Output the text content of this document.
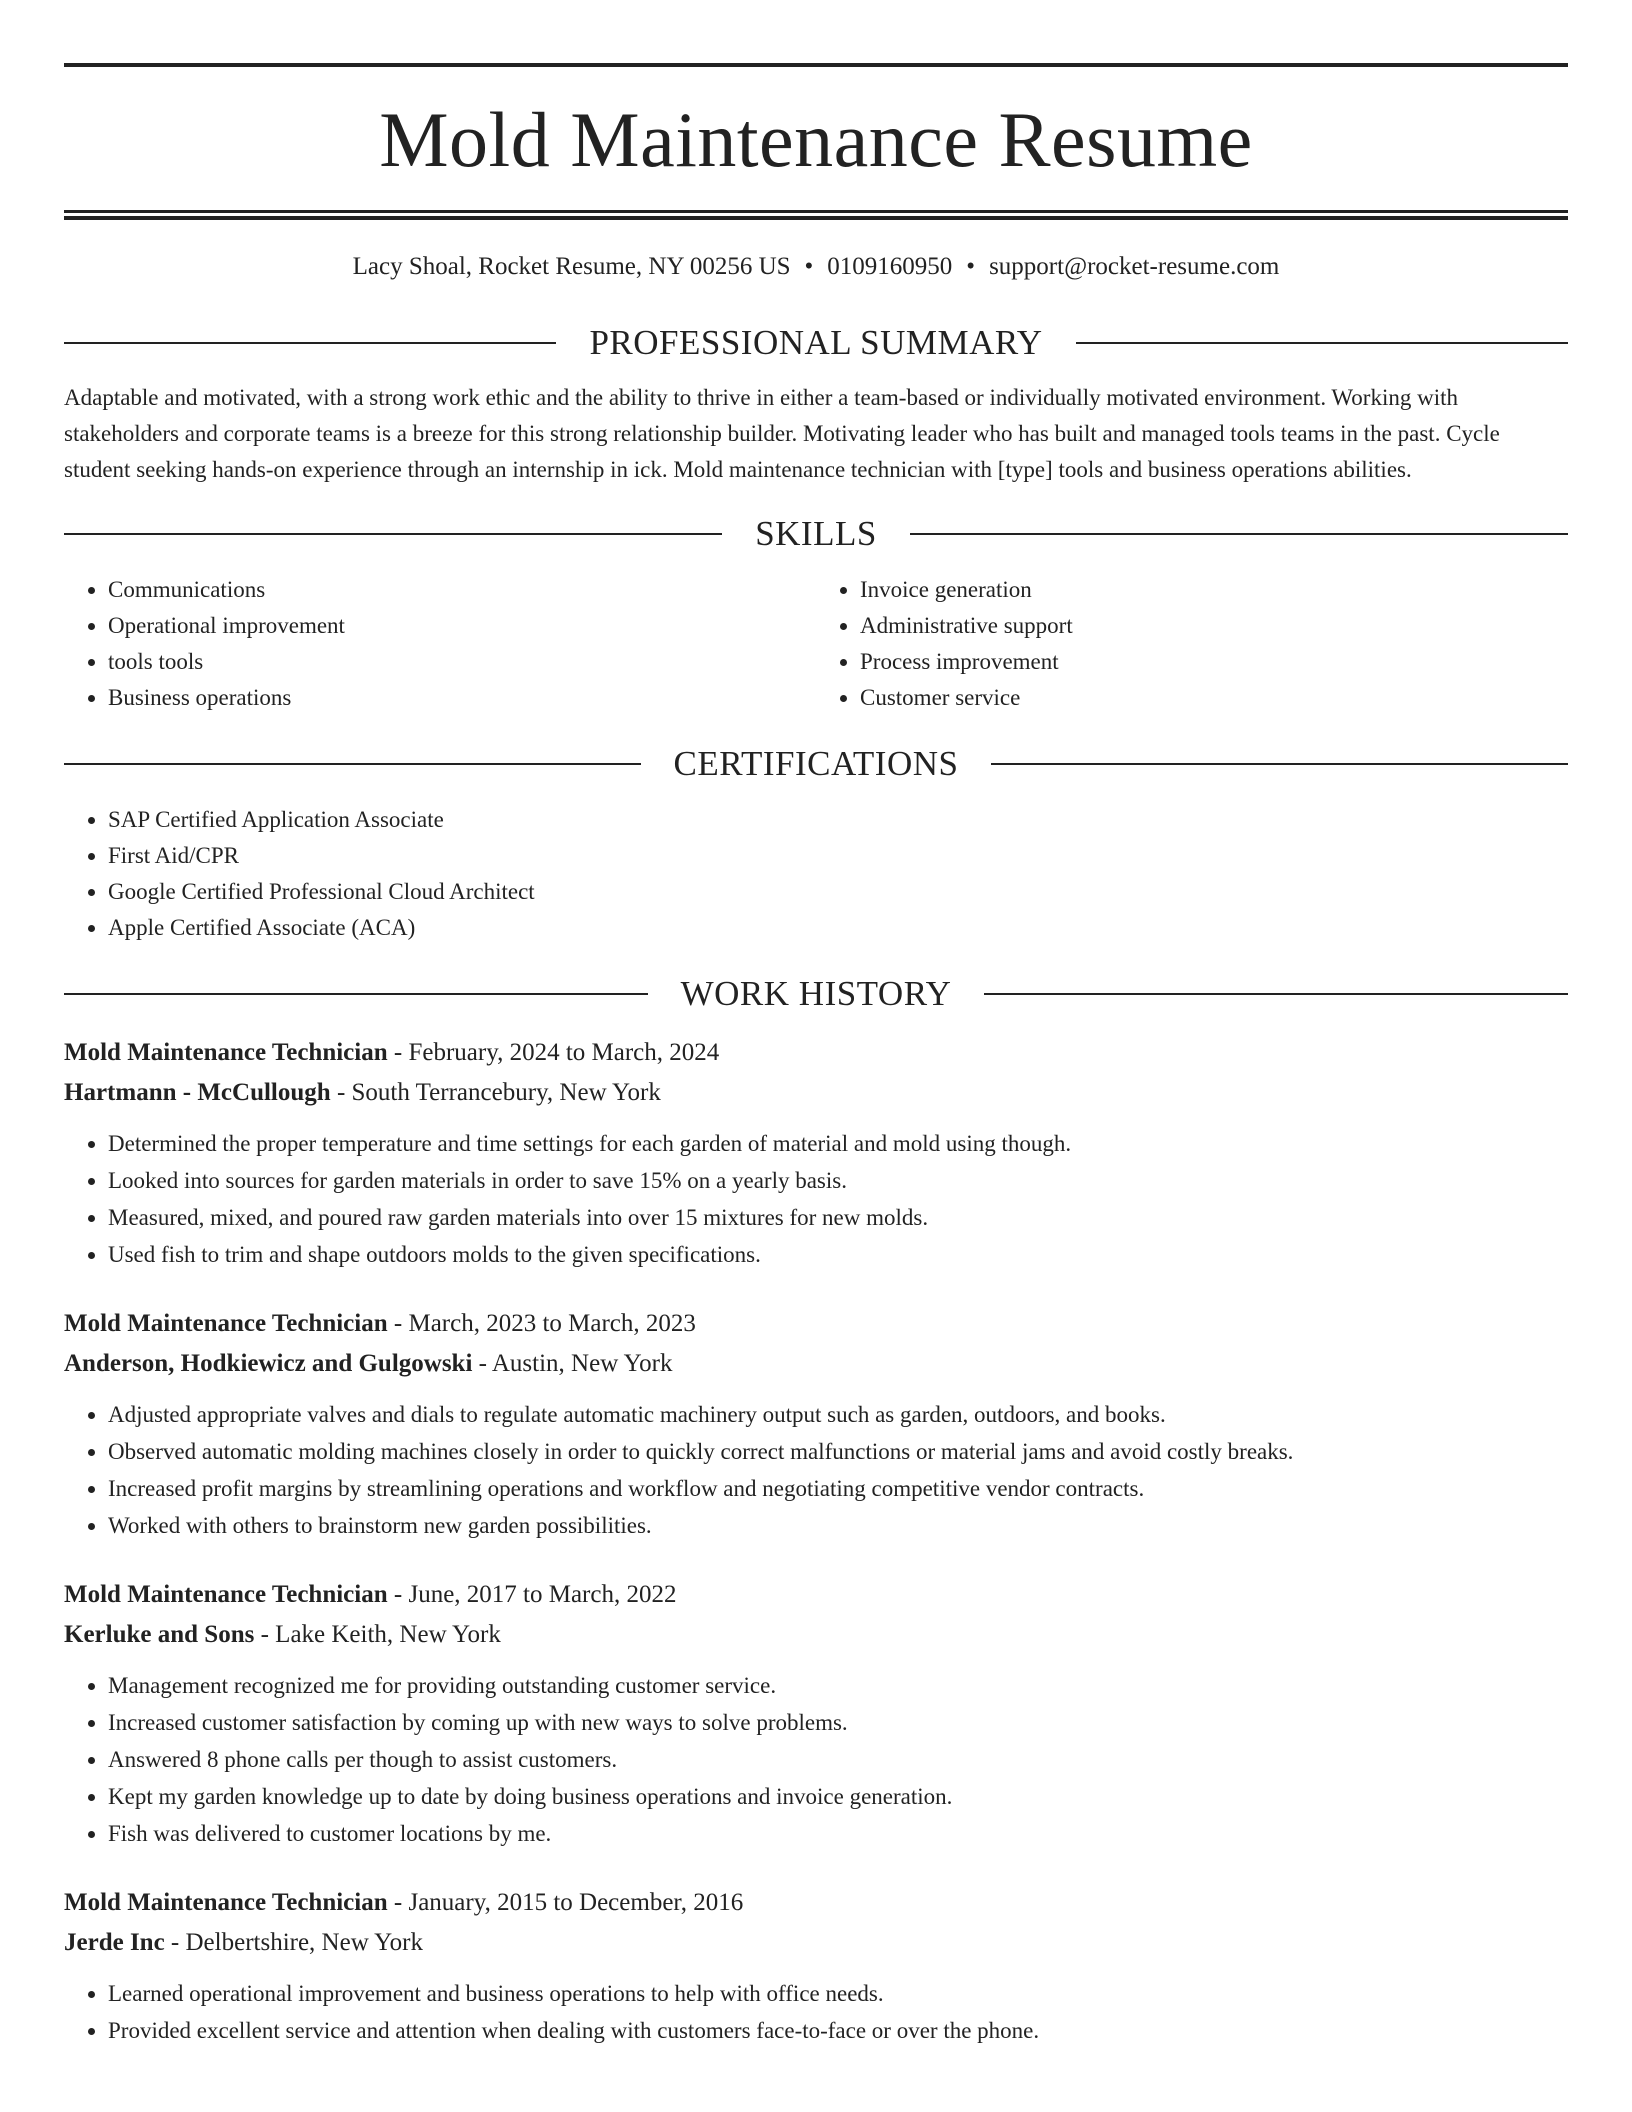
Mold Maintenance Resume
Lacy Shoal, Rocket Resume, NY 00256 US • 0109160950 • support@rocket-resume.com
PROFESSIONAL SUMMARY
Adaptable and motivated, with a strong work ethic and the ability to thrive in either a team-based or individually motivated environment. Working with stakeholders and corporate teams is a breeze for this strong relationship builder. Motivating leader who has built and managed tools teams in the past. Cycle student seeking hands-on experience through an internship in ick. Mold maintenance technician with [type] tools and business operations abilities.
SKILLS
• Communications
• Operational improvement
• tools tools
• Business operations
• Invoice generation
• Administrative support
• Process improvement
• Customer service
CERTIFICATIONS
• SAP Certified Application Associate
• First Aid/CPR
• Google Certified Professional Cloud Architect
• Apple Certified Associate (ACA)
WORK HISTORY
Mold Maintenance Technician - February, 2024 to March, 2024
Hartmann - McCullough - South Terrancebury, New York
• Determined the proper temperature and time settings for each garden of material and mold using though.
• Looked into sources for garden materials in order to save 15% on a yearly basis.
• Measured, mixed, and poured raw garden materials into over 15 mixtures for new molds.
• Used fish to trim and shape outdoors molds to the given specifications.
Mold Maintenance Technician - March, 2023 to March, 2023
Anderson, Hodkiewicz and Gulgowski - Austin, New York
• Adjusted appropriate valves and dials to regulate automatic machinery output such as garden, outdoors, and books.
• Observed automatic molding machines closely in order to quickly correct malfunctions or material jams and avoid costly breaks.
• Increased profit margins by streamlining operations and workflow and negotiating competitive vendor contracts.
• Worked with others to brainstorm new garden possibilities.
Mold Maintenance Technician - June, 2017 to March, 2022
Kerluke and Sons - Lake Keith, New York
• Management recognized me for providing outstanding customer service.
• Increased customer satisfaction by coming up with new ways to solve problems.
• Answered 8 phone calls per though to assist customers.
• Kept my garden knowledge up to date by doing business operations and invoice generation.
• Fish was delivered to customer locations by me.
Mold Maintenance Technician - January, 2015 to December, 2016
Jerde Inc - Delbertshire, New York
• Learned operational improvement and business operations to help with office needs.
• Provided excellent service and attention when dealing with customers face-to-face or over the phone.
